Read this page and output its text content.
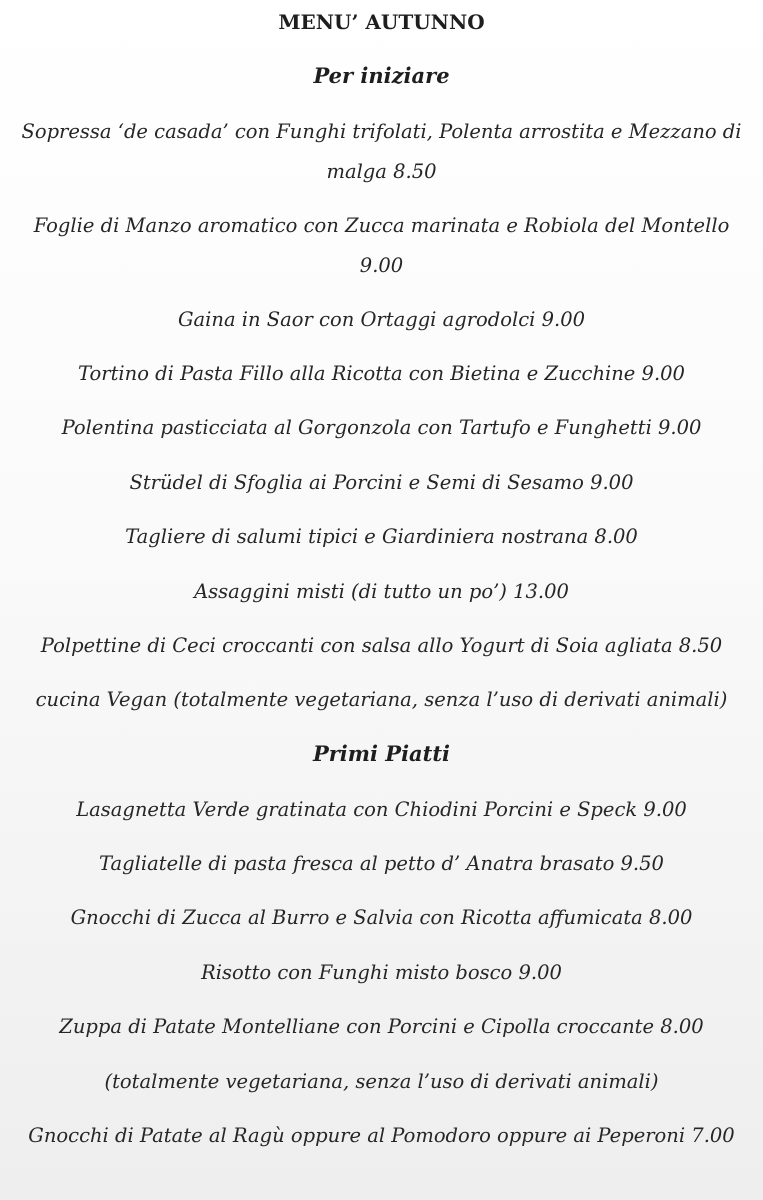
MENU’ AUTUNNO
Per iniziare
Sopressa ‘de casada’ con Funghi trifolati, Polenta arrostita e Mezzano di malga 8.50
Foglie di Manzo aromatico con Zucca marinata e Robiola del Montello 9.00
Gaina in Saor con Ortaggi agrodolci 9.00
Tortino di Pasta Fillo alla Ricotta con Bietina e Zucchine 9.00
Polentina pasticciata al Gorgonzola con Tartufo e Funghetti 9.00
Strüdel di Sfoglia ai Porcini e Semi di Sesamo 9.00
Tagliere di salumi tipici e Giardiniera nostrana 8.00
Assaggini misti (di tutto un po’) 13.00
Polpettine di Ceci croccanti con salsa allo Yogurt di Soia agliata 8.50
cucina Vegan (totalmente vegetariana, senza l’uso di derivati animali)
Primi Piatti
Lasagnetta Verde gratinata con Chiodini Porcini e Speck 9.00
Tagliatelle di pasta fresca al petto d’ Anatra brasato 9.50
Gnocchi di Zucca al Burro e Salvia con Ricotta affumicata 8.00
Risotto con Funghi misto bosco 9.00
Zuppa di Patate Montelliane con Porcini e Cipolla croccante 8.00
(totalmente vegetariana, senza l’uso di derivati animali)
Gnocchi di Patate al Ragù oppure al Pomodoro oppure ai Peperoni 7.00
